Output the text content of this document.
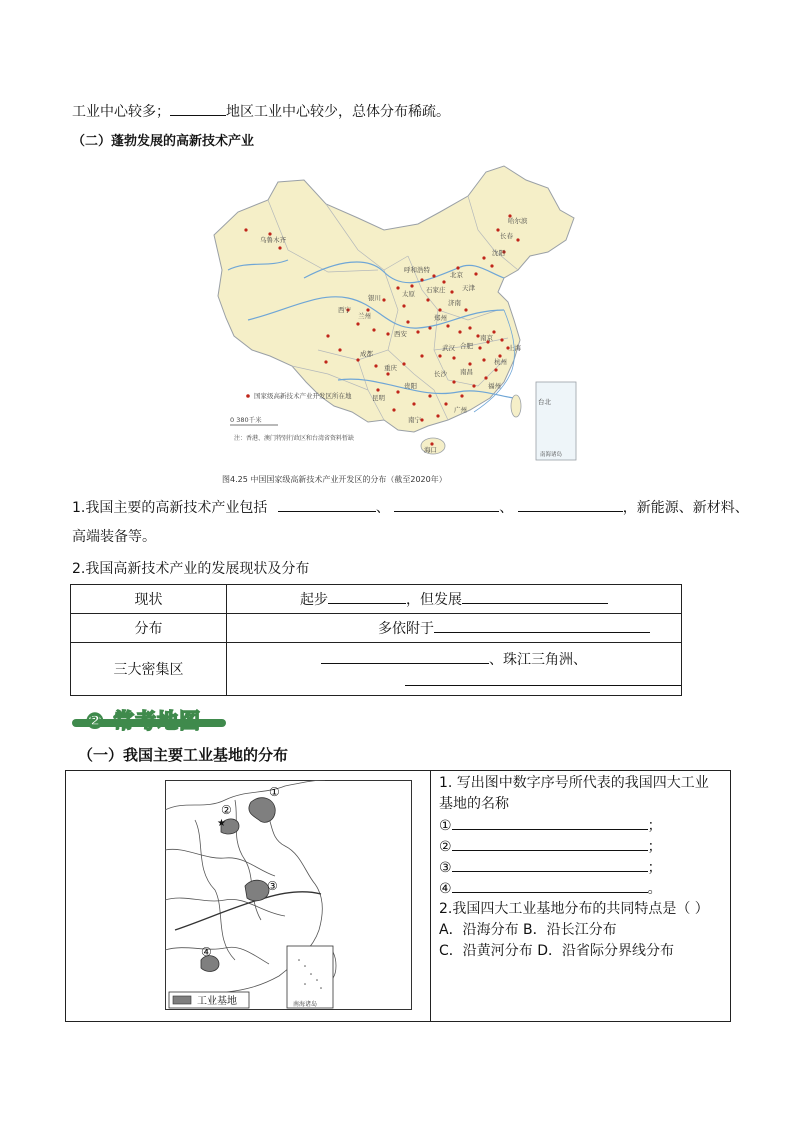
工业中心较多；	地区工业中心较少，总体分布稀疏。
（二）蓬勃发展的高新技术产业
乌鲁木齐
哈尔滨
长春
沈阳
呼和浩特
北京
天津
石家庄
银川	太原
济南
兰州
西宁
郑州
西安	南京
上海
合肥
武汉
杭州
成都
重庆
长沙 南昌
福州
贵阳
昆明
广州
南宁
海口
台北
国家级高新技术产业开发区所在地
0 380千米
注：香港、澳门特别行政区和台湾省资料暂缺
南海诸岛
图4.25 中国国家级高新技术产业开发区的分布（截至2020年）
1.我国主要的高新技术产业包括	、	、	，新能源、新材料、
高端装备等。
2.我国高新技术产业的发展现状及分布
现状	起步 ，但发展
分布	多依附于
三大密集区	、珠江三角洲、
② 常考地图
（一）我国主要工业基地的分布
★
①
②
③
④
南海诸岛
工业基地
1. 写出图中数字序号所代表的我国四大工业
基地的名称
①	；
②	；
③	；
④	。
2.我国四大工业基地分布的共同特点是（ ）
A．沿海分布 B．沿长江分布
C．沿黄河分布 D．沿省际分界线分布
